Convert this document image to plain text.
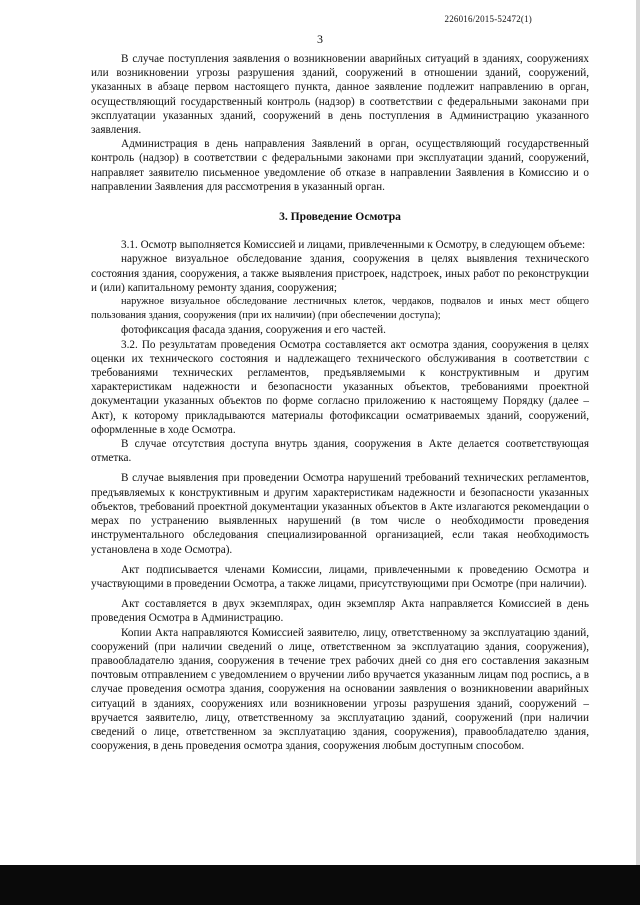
226016/2015-52472(1)
3

В случае поступления заявления о возникновении аварийных ситуаций в зданиях, сооружениях или возникновении угрозы разрушения зданий, сооружений в отношении зданий, сооружений, указанных в абзаце первом настоящего пункта, данное заявление подлежит направлению в орган, осуществляющий государственный контроль (надзор) в соответствии с федеральными законами при эксплуатации указанных зданий, сооружений в день поступления в Администрацию указанного заявления.

Администрация в день направления Заявлений в орган, осуществляющий государственный контроль (надзор) в соответствии с федеральными законами при эксплуатации зданий, сооружений, направляет заявителю письменное уведомление об отказе в направлении Заявления в Комиссию и о направлении Заявления для рассмотрения в указанный орган.

3. Проведение Осмотра

3.1. Осмотр выполняется Комиссией и лицами, привлеченными к Осмотру, в следующем объеме:

наружное визуальное обследование здания, сооружения в целях выявления технического состояния здания, сооружения, а также выявления пристроек, надстроек, иных работ по реконструкции и (или) капитальному ремонту здания, сооружения;

наружное визуальное обследование лестничных клеток, чердаков, подвалов и иных мест общего пользования здания, сооружения (при их наличии) (при обеспечении доступа);

фотофиксация фасада здания, сооружения и его частей.

3.2. По результатам проведения Осмотра составляется акт осмотра здания, сооружения в целях оценки их технического состояния и надлежащего технического обслуживания в соответствии с требованиями технических регламентов, предъявляемыми к конструктивным и другим характеристикам надежности и безопасности указанных объектов, требованиями проектной документации указанных объектов по форме согласно приложению к настоящему Порядку (далее – Акт), к которому прикладываются материалы фотофиксации осматриваемых зданий, сооружений, оформленные в ходе Осмотра.

В случае отсутствия доступа внутрь здания, сооружения в Акте делается соответствующая отметка.

В случае выявления при проведении Осмотра нарушений требований технических регламентов, предъявляемых к конструктивным и другим характеристикам надежности и безопасности указанных объектов, требований проектной документации указанных объектов в Акте излагаются рекомендации о мерах по устранению выявленных нарушений (в том числе о необходимости проведения инструментального обследования специализированной организацией, если такая необходимость установлена в ходе Осмотра).

Акт подписывается членами Комиссии, лицами, привлеченными к проведению Осмотра и участвующими в проведении Осмотра, а также лицами, присутствующими при Осмотре (при наличии).

Акт составляется в двух экземплярах, один экземпляр Акта направляется Комиссией в день проведения Осмотра в Администрацию.

Копии Акта направляются Комиссией заявителю, лицу, ответственному за эксплуатацию зданий, сооружений (при наличии сведений о лице, ответственном за эксплуатацию здания, сооружения), правообладателю здания, сооружения в течение трех рабочих дней со дня его составления заказным почтовым отправлением с уведомлением о вручении либо вручается указанным лицам под роспись, а в случае проведения осмотра здания, сооружения на основании заявления о возникновении аварийных ситуаций в зданиях, сооружениях или возникновении угрозы разрушения зданий, сооружений – вручается заявителю, лицу, ответственному за эксплуатацию зданий, сооружений (при наличии сведений о лице, ответственном за эксплуатацию здания, сооружения), правообладателю здания, сооружения, в день проведения осмотра здания, сооружения любым доступным способом.
